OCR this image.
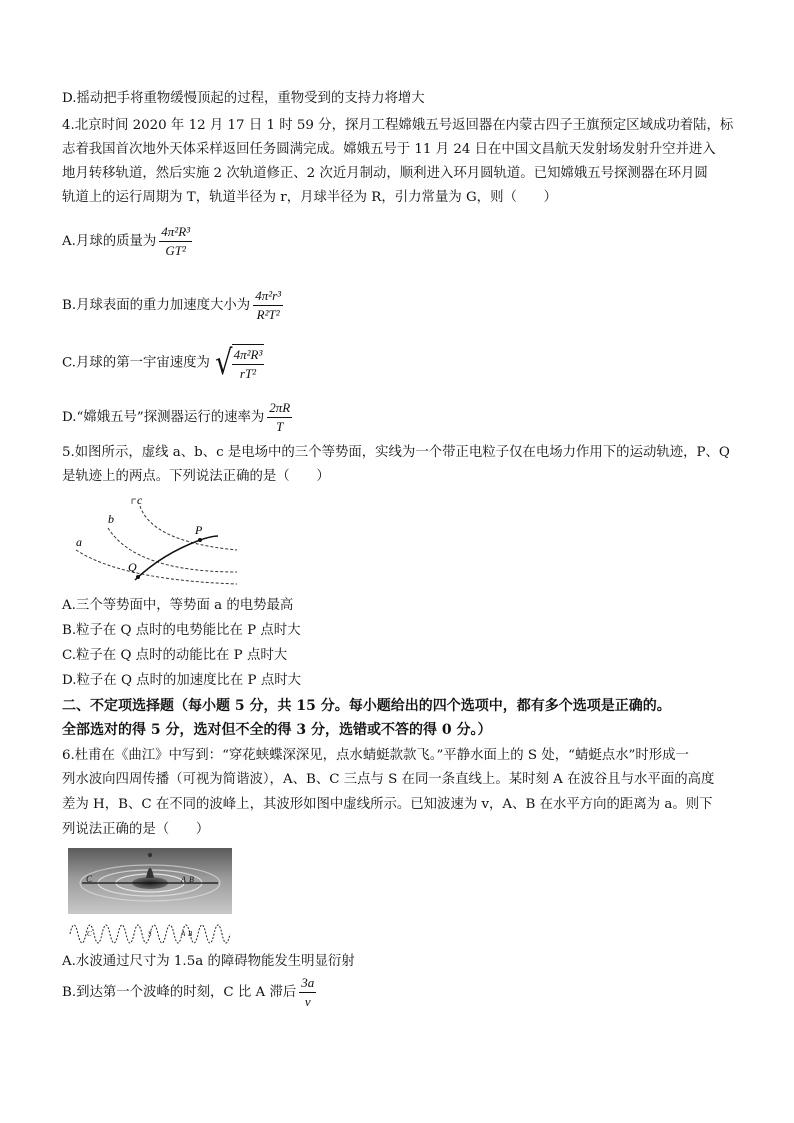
D.摇动把手将重物缓慢顶起的过程，重物受到的支持力将增大
4.北京时间 2020 年 12 月 17 日 1 时 59 分，探月工程嫦娥五号返回器在内蒙古四子王旗预定区域成功着陆，标
志着我国首次地外天体采样返回任务圆满完成。嫦娥五号于 11 月 24 日在中国文昌航天发射场发射升空并进入
地月转移轨道，然后实施 2 次轨道修正、2 次近月制动，顺利进入环月圆轨道。已知嫦娥五号探测器在环月圆
轨道上的运行周期为 T，轨道半径为 r，月球半径为 R，引力常量为 G，则（　　）
A.月球的质量为 $\frac{\text{4π²R³}}{\text{GT²}}$
B.月球表面的重力加速度大小为 $\frac{\text{4π²r³}}{\text{R²T²}}$
C.月球的第一宇宙速度为 √ $\frac{\text{4π²R³}}{\text{rT²}}$
D.“嫦娥五号”探测器运行的速率为 $\frac{2\pi R}{T}$
5.如图所示，虚线 a、b、c 是电场中的三个等势面，实线为一个带正电粒子仅在电场力作用下的运动轨迹，P、Q
是轨迹上的两点。下列说法正确的是（　　）
a
b
c
P
Q
A.三个等势面中，等势面 a 的电势最高
B.粒子在 Q 点时的电势能比在 P 点时大
C.粒子在 Q 点时的动能比在 P 点时大
D.粒子在 Q 点时的加速度比在 P 点时大
二、不定项选择题（每小题 5 分，共 15 分。每小题给出的四个选项中，都有多个选项是正确的。
全部选对的得 5 分，选对但不全的得 3 分，选错或不答的得 0 分。）
6.杜甫在《曲江》中写到：“穿花蛱蝶深深见，点水蜻蜓款款飞。”平静水面上的 S 处，“蜻蜓点水”时形成一
列水波向四周传播（可视为简谐波），A、B、C 三点与 S 在同一条直线上。某时刻 A 在波谷且与水平面的高度
差为 H，B、C 在不同的波峰上，其波形如图中虚线所示。已知波速为 v，A、B 在水平方向的距离为 a。则下
列说法正确的是（　　）
C	A B
C	S	A B
A.水波通过尺寸为 1.5a 的障碍物能发生明显衍射
B.到达第一个波峰的时刻，C 比 A 滞后 $\frac{3a}{v}$
